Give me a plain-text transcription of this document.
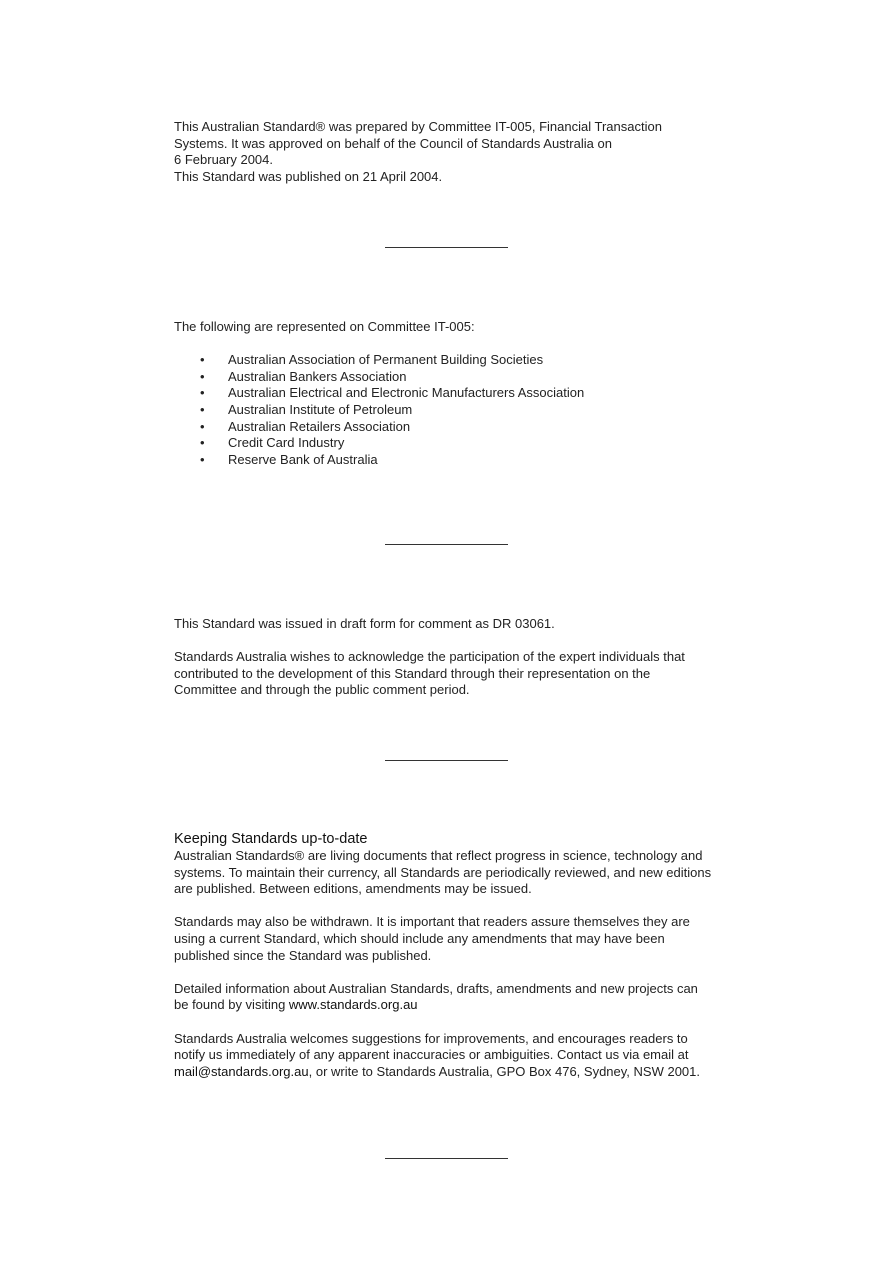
This Australian Standard® was prepared by Committee IT-005, Financial Transaction

Systems. It was approved on behalf of the Council of Standards Australia on

6 February 2004.

This Standard was published on 21 April 2004.

The following are represented on Committee IT-005:

• Australian Association of Permanent Building Societies
• Australian Bankers Association
• Australian Electrical and Electronic Manufacturers Association
• Australian Institute of Petroleum
• Australian Retailers Association
• Credit Card Industry
• Reserve Bank of Australia

This Standard was issued in draft form for comment as DR 03061.

Standards Australia wishes to acknowledge the participation of the expert individuals that

contributed to the development of this Standard through their representation on the

Committee and through the public comment period.

Keeping Standards up-to-date

Australian Standards® are living documents that reflect progress in science, technology and

systems. To maintain their currency, all Standards are periodically reviewed, and new editions

are published. Between editions, amendments may be issued.

Standards may also be withdrawn. It is important that readers assure themselves they are

using a current Standard, which should include any amendments that may have been

published since the Standard was published.

Detailed information about Australian Standards, drafts, amendments and new projects can

be found by visiting www.standards.org.au

Standards Australia welcomes suggestions for improvements, and encourages readers to

notify us immediately of any apparent inaccuracies or ambiguities. Contact us via email at

mail@standards.org.au, or write to Standards Australia, GPO Box 476, Sydney, NSW 2001.
